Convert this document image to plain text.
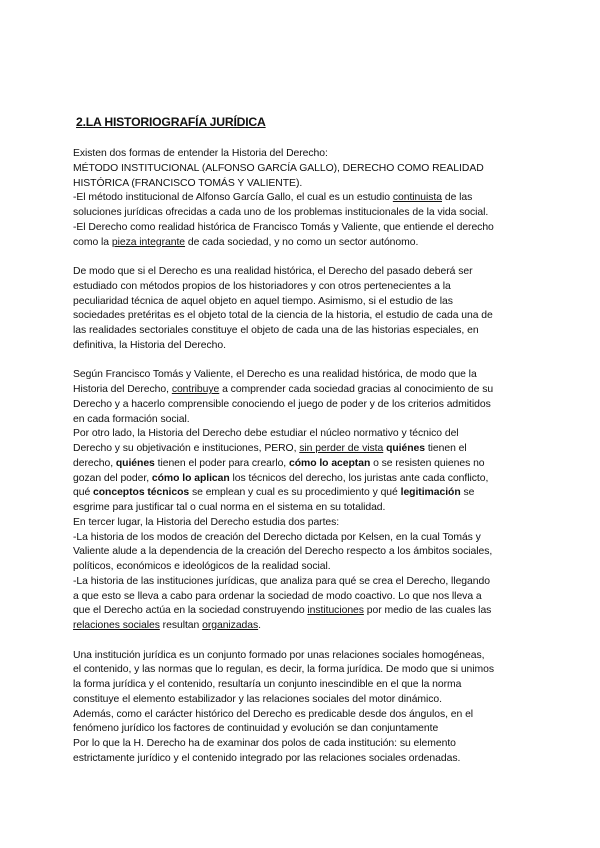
2.LA HISTORIOGRAFÍA JURÍDICA
Existen dos formas de entender la Historia del Derecho:
MÉTODO INSTITUCIONAL (ALFONSO GARCÍA GALLO), DERECHO COMO REALIDAD
HISTÓRICA (FRANCISCO TOMÁS Y VALIENTE).
-El método institucional de Alfonso García Gallo, el cual es un estudio continuista de las
soluciones jurídicas ofrecidas a cada uno de los problemas institucionales de la vida social.
-El Derecho como realidad histórica de Francisco Tomás y Valiente, que entiende el derecho
como la pieza integrante de cada sociedad, y no como un sector autónomo.
De modo que si el Derecho es una realidad histórica, el Derecho del pasado deberá ser
estudiado con métodos propios de los historiadores y con otros pertenecientes a la
peculiaridad técnica de aquel objeto en aquel tiempo. Asimismo, si el estudio de las
sociedades pretéritas es el objeto total de la ciencia de la historia, el estudio de cada una de
las realidades sectoriales constituye el objeto de cada una de las historias especiales, en
definitiva, la Historia del Derecho.
Según Francisco Tomás y Valiente, el Derecho es una realidad histórica, de modo que la
Historia del Derecho, contribuye a comprender cada sociedad gracias al conocimiento de su
Derecho y a hacerlo comprensible conociendo el juego de poder y de los criterios admitidos
en cada formación social.
Por otro lado, la Historia del Derecho debe estudiar el núcleo normativo y técnico del
Derecho y su objetivación e instituciones, PERO, sin perder de vista quiénes tienen el
derecho, quiénes tienen el poder para crearlo, cómo lo aceptan o se resisten quienes no
gozan del poder, cómo lo aplican los técnicos del derecho, los juristas ante cada conflicto,
qué conceptos técnicos se emplean y cual es su procedimiento y qué legitimación se
esgrime para justificar tal o cual norma en el sistema en su totalidad.
En tercer lugar, la Historia del Derecho estudia dos partes:
-La historia de los modos de creación del Derecho dictada por Kelsen, en la cual Tomás y
Valiente alude a la dependencia de la creación del Derecho respecto a los ámbitos sociales,
políticos, económicos e ideológicos de la realidad social.
-La historia de las instituciones jurídicas, que analiza para qué se crea el Derecho, llegando
a que esto se lleva a cabo para ordenar la sociedad de modo coactivo. Lo que nos lleva a
que el Derecho actúa en la sociedad construyendo instituciones por medio de las cuales las
relaciones sociales resultan organizadas.
Una institución jurídica es un conjunto formado por unas relaciones sociales homogéneas,
el contenido, y las normas que lo regulan, es decir, la forma jurídica. De modo que si unimos
la forma jurídica y el contenido, resultaría un conjunto inescindible en el que la norma
constituye el elemento estabilizador y las relaciones sociales del motor dinámico.
Además, como el carácter histórico del Derecho es predicable desde dos ángulos, en el
fenómeno jurídico los factores de continuidad y evolución se dan conjuntamente
Por lo que la H. Derecho ha de examinar dos polos de cada institución: su elemento
estrictamente jurídico y el contenido integrado por las relaciones sociales ordenadas.
